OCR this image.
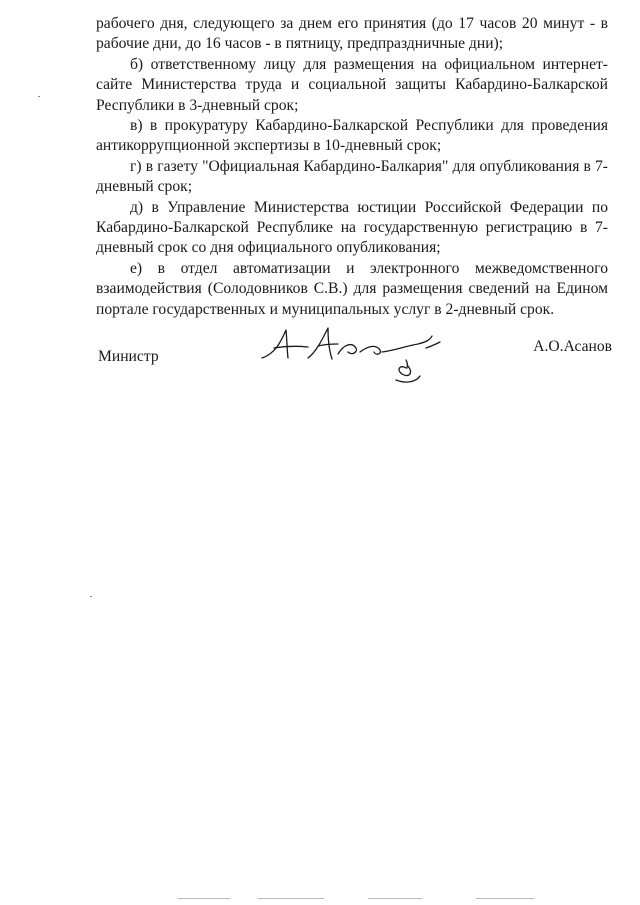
рабочего дня, следующего за днем его принятия (до 17 часов 20 минут - в рабочие дни, до 16 часов - в пятницу, предпраздничные дни);

б) ответственному лицу для размещения на официальном интернет-сайте Министерства труда и социальной защиты Кабардино-Балкарской Республики в 3-дневный срок;

в) в прокуратуру Кабардино-Балкарской Республики для проведения антикоррупционной экспертизы в 10-дневный срок;

г) в газету "Официальная Кабардино-Балкария" для опубликования в 7-дневный срок;

д) в Управление Министерства юстиции Российской Федерации по Кабардино-Балкарской Республике на государственную регистрацию в 7-дневный срок со дня официального опубликования;

е) в отдел автоматизации и электронного межведомственного взаимодействия (Солодовников С.В.) для размещения сведений на Едином портале государственных и муниципальных услуг в 2-дневный срок.

Министр
А.О.Асанов
